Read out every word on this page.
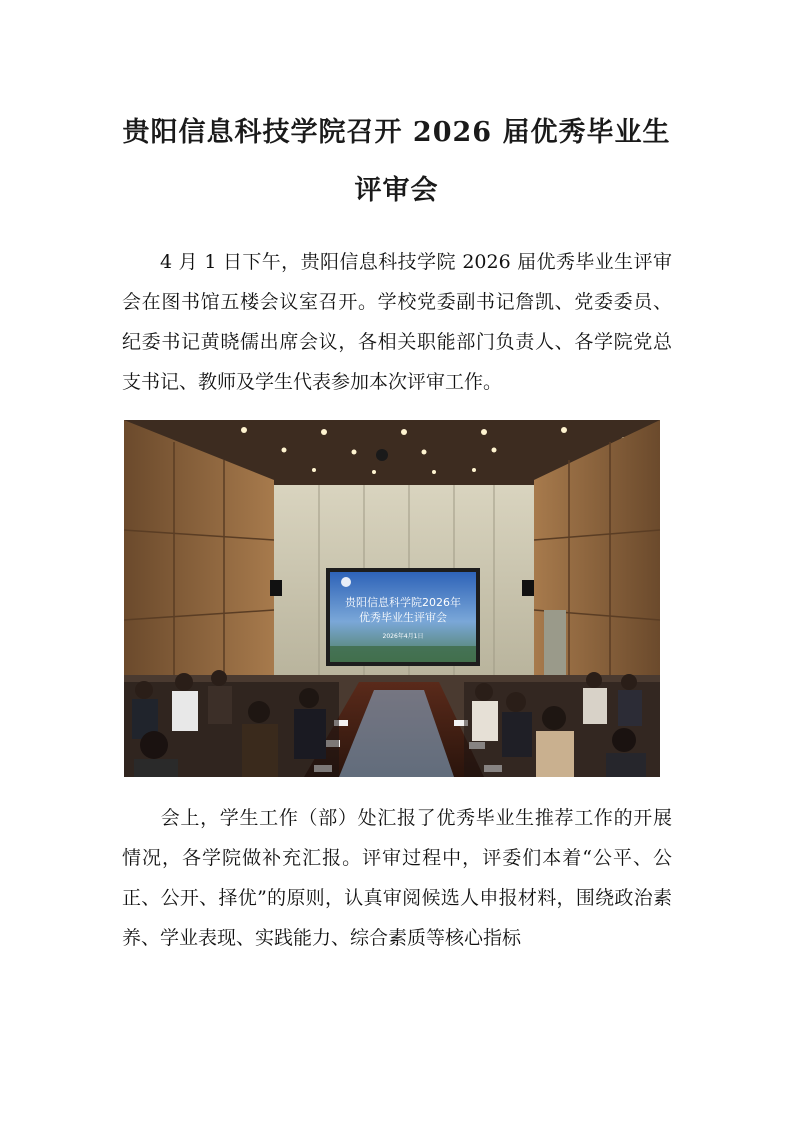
贵阳信息科技学院召开 2026 届优秀毕业生
评审会

4 月 1 日下午，贵阳信息科技学院 2026 届优秀毕业生评审会在图书馆五楼会议室召开。学校党委副书记詹凯、党委委员、纪委书记黄晓儒出席会议，各相关职能部门负责人、各学院党总支书记、教师及学生代表参加本次评审工作。

贵阳信息科学院2026年
优秀毕业生评审会
2026年4月1日

会上，学生工作（部）处汇报了优秀毕业生推荐工作的开展情况，各学院做补充汇报。评审过程中，评委们本着“公平、公正、公开、择优”的原则，认真审阅候选人申报材料，围绕政治素养、学业表现、实践能力、综合素质等核心指标
